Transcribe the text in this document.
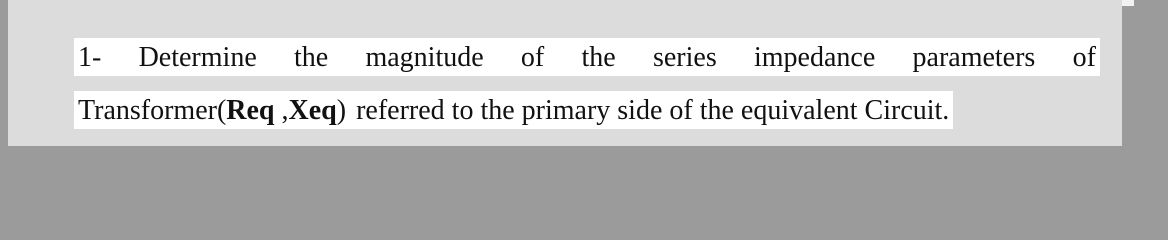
1- Determine the magnitude of the series impedance parameters of
Transformer( Req , Xeq ) referred to the primary side of the equivalent Circuit.
